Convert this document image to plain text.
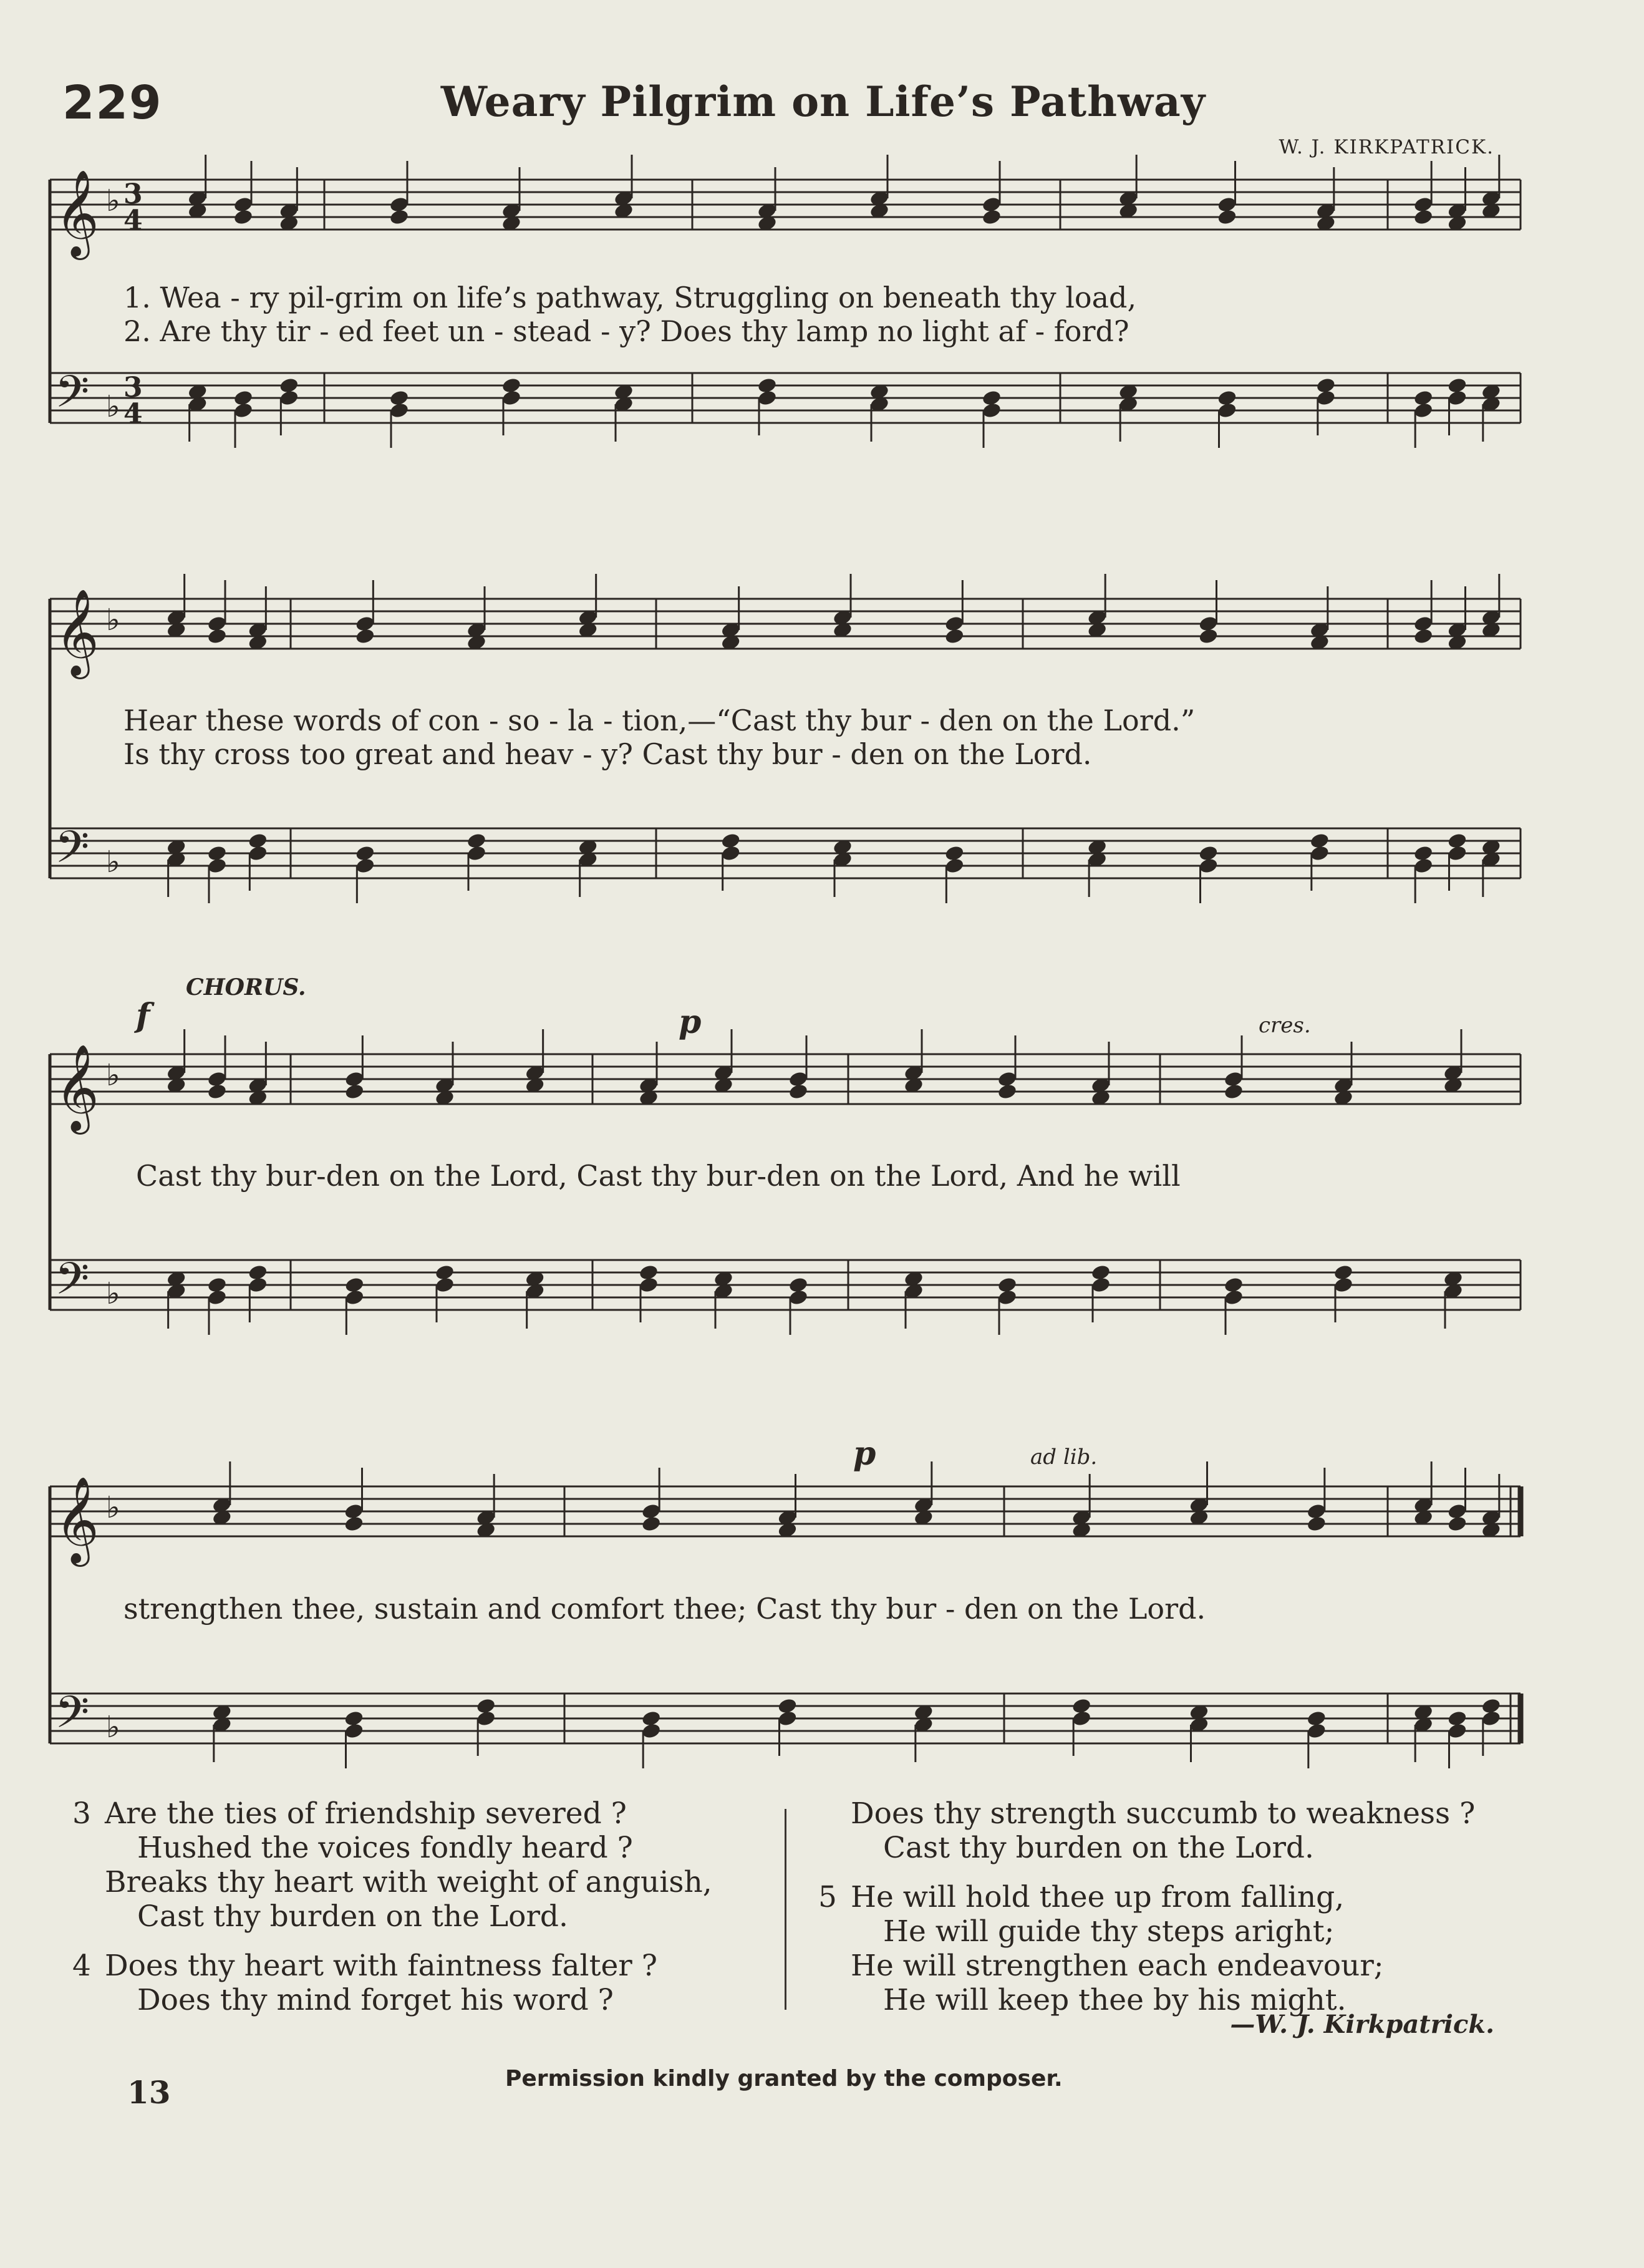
229	Weary Pilgrim on Life’s Pathway
W. J. KIRKPATRICK.
𝄞 ♭ 3
4
𝄢 ♭
3
4
𝄞 ♭
𝄢 ♭
𝄞 ♭
𝄢 ♭
𝄞 ♭
𝄢 ♭
1. Wea - ry pil-grim on life’s pathway, Struggling on beneath thy load,
2. Are thy tir - ed feet un - stead - y? Does thy lamp no light af - ford?
Hear these words of con - so - la - tion,—“Cast thy bur - den on the Lord.”
Is thy cross too great and heav - y? Cast thy bur - den on the Lord.
CHORUS.
f	p	cres.
Cast thy bur-den on the Lord, Cast thy bur-den on the Lord, And he will
p	ad lib.
strengthen thee, sustain and comfort thee; Cast thy bur - den on the Lord.
3 Are the ties of friendship severed ?
Hushed the voices fondly heard ?
Breaks thy heart with weight of anguish,
Cast thy burden on the Lord.
4 Does thy heart with faintness falter ?
Does thy mind forget his word ?
Does thy strength succumb to weakness ?
Cast thy burden on the Lord.
5 He will hold thee up from falling,
He will guide thy steps aright;
He will strengthen each endeavour;
He will keep thee by his might.
—W. J. Kirkpatrick.
13	Permission kindly granted by the composer.
